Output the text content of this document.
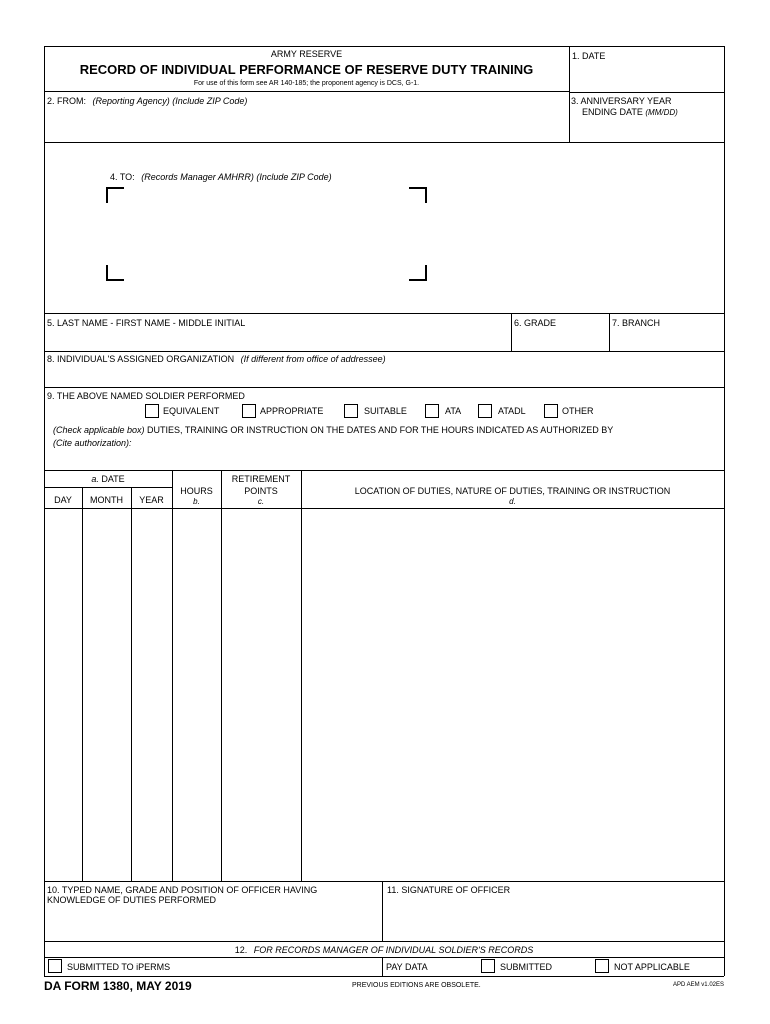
ARMY RESERVE
RECORD OF INDIVIDUAL PERFORMANCE OF RESERVE DUTY TRAINING
For use of this form see AR 140-185; the proponent agency is DCS, G-1.
1. DATE
2. FROM: (Reporting Agency) (Include ZIP Code)	3. ANNIVERSARY YEAR
ENDING DATE (MM/DD)
4. TO: (Records Manager AMHRR) (Include ZIP Code)
5. LAST NAME - FIRST NAME - MIDDLE INITIAL	6. GRADE	7. BRANCH
8. INDIVIDUAL'S ASSIGNED ORGANIZATION (If different from office of addressee)
9. THE ABOVE NAMED SOLDIER PERFORMED
EQUIVALENT	APPROPRIATE	SUITABLE	ATA	ATADL	OTHER
(Check applicable box) DUTIES, TRAINING OR INSTRUCTION ON THE DATES AND FOR THE HOURS INDICATED AS AUTHORIZED BY
(Cite authorization):
a. DATE
DAY	MONTH	YEAR
HOURS
b.
RETIREMENT
POINTS
c.
LOCATION OF DUTIES, NATURE OF DUTIES, TRAINING OR INSTRUCTION
d.
10. TYPED NAME, GRADE AND POSITION OF OFFICER HAVING
KNOWLEDGE OF DUTIES PERFORMED
11. SIGNATURE OF OFFICER
12. FOR RECORDS MANAGER OF INDIVIDUAL SOLDIER'S RECORDS
SUBMITTED TO iPERMS	PAY DATA	SUBMITTED	NOT APPLICABLE
DA FORM 1380, MAY 2019	PREVIOUS EDITIONS ARE OBSOLETE.	APD AEM v1.02ES
